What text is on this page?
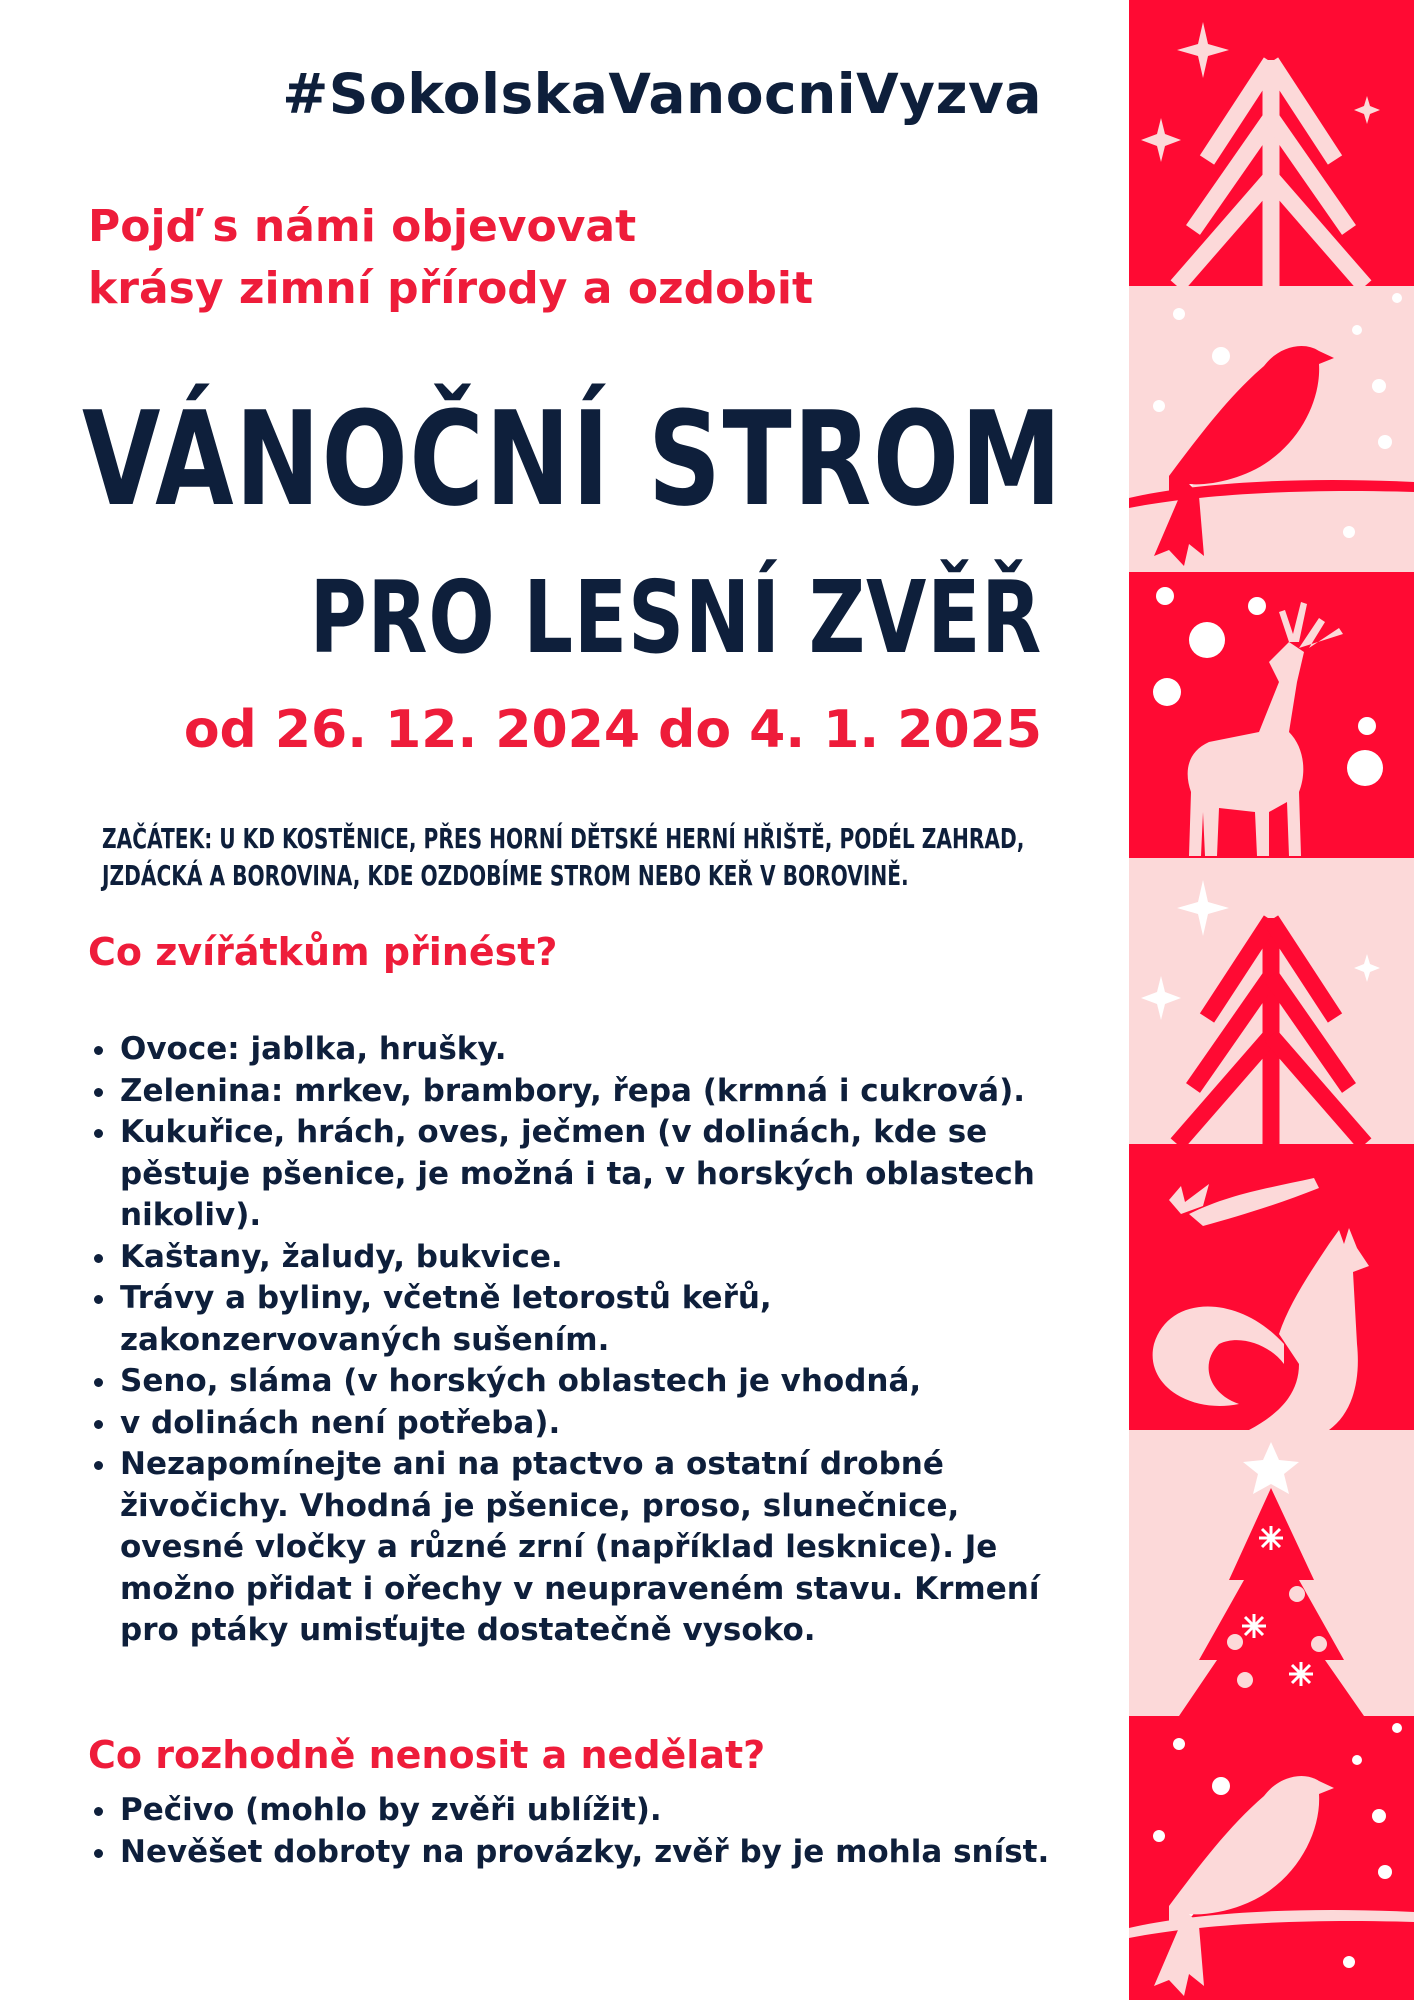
#SokolskaVanocniVyzva
Pojď s námi objevovat
krásy zimní přírody a ozdobit
VÁNOČNÍ STROM
PRO LESNÍ ZVĚŘ
od 26. 12. 2024 do 4. 1. 2025
ZAČÁTEK: U KD KOSTĚNICE, PŘES HORNÍ DĚTSKÉ HERNÍ HŘIŠTĚ, PODÉL ZAHRAD,
JZDÁCKÁ A BOROVINA, KDE OZDOBÍME STROM NEBO KEŘ V BOROVINĚ.
Co zvířátkům přinést?
Ovoce: jablka, hrušky.
Zelenina: mrkev, brambory, řepa (krmná i cukrová).
Kukuřice, hrách, oves, ječmen (v dolinách, kde se pěstuje pšenice, je možná i ta, v horských oblastech nikoliv).
Kaštany, žaludy, bukvice.
Trávy a byliny, včetně letorostů keřů, zakonzervovaných sušením.
Seno, sláma (v horských oblastech je vhodná,
v dolinách není potřeba).
Nezapomínejte ani na ptactvo a ostatní drobné živočichy. Vhodná je pšenice, proso, slunečnice, ovesné vločky a různé zrní (například lesknice). Je možno přidat i ořechy v neupraveném stavu. Krmení pro ptáky umisťujte dostatečně vysoko.
Co rozhodně nenosit a nedělat?
Pečivo (mohlo by zvěři ublížit).
Nevěšet dobroty na provázky, zvěř by je mohla sníst.
